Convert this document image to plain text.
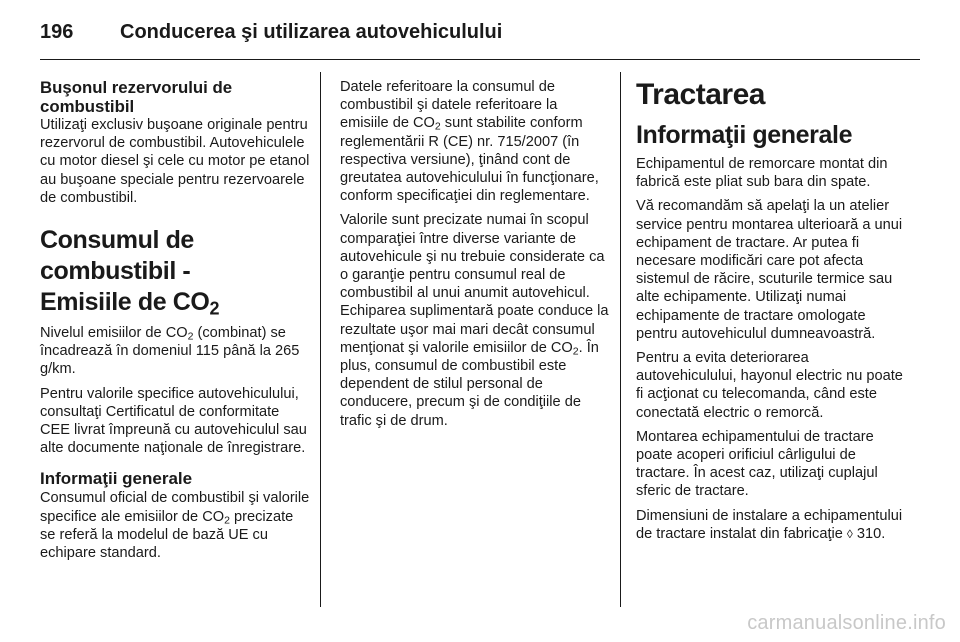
196 Conducerea şi utilizarea autovehiculului
Buşonul rezervorului de
combustibil

Utilizaţi exclusiv buşoane originale pentru rezervorul de combustibil. Autovehiculele cu motor diesel şi cele cu motor pe etanol au buşoane speciale pentru rezervoarele de combustibil.

Consumul de combustibil -
Emisiile de $CO_2$

Nivelul emisiilor de $CO_2$ (combinat) se încadrează în domeniul 115 până la 265 g/km.

Pentru valorile specifice autovehiculului, consultaţi Certificatul de conformitate CEE livrat împreună cu autovehiculul sau alte documente naţionale de înregistrare.

Informaţii generale

Consumul oficial de combustibil şi valorile specifice ale emisiilor de $CO_2$ precizate se referă la modelul de bază UE cu echipare standard.

Datele referitoare la consumul de combustibil şi datele referitoare la emisiile de $CO_2$ sunt stabilite conform reglementării R (CE) nr. 715/2007 (în respectiva versiune), ţinând cont de greutatea autovehiculului în funcţionare, conform specificaţiei din reglementare.

Valorile sunt precizate numai în scopul comparaţiei între diverse variante de autovehicule şi nu trebuie considerate ca o garanţie pentru consumul real de combustibil al unui anumit autovehicul. Echiparea suplimentară poate conduce la rezultate uşor mai mari decât consumul menţionat şi valorile emisiilor de $CO_2$. În plus, consumul de combustibil este dependent de stilul personal de conducere, precum şi de condiţiile de trafic şi de drum.

Tractarea
Informaţii generale

Echipamentul de remorcare montat din fabrică este pliat sub bara din spate.

Vă recomandăm să apelaţi la un atelier service pentru montarea ulterioară a unui echipament de tractare. Ar putea fi necesare modificări care pot afecta sistemul de răcire, scuturile termice sau alte echipamente. Utilizaţi numai echipamente de tractare omologate pentru autovehiculul dumneavoastră.

Pentru a evita deteriorarea autovehiculului, hayonul electric nu poate fi acţionat cu telecomanda, când este conectată electric o remorcă.

Montarea echipamentului de tractare poate acoperi orificiul cârligului de tractare. În acest caz, utilizaţi cuplajul sferic de tractare.

Dimensiuni de instalare a echipamentului de tractare instalat din fabricaţie ◊ 310.

carmanualsonline.info
